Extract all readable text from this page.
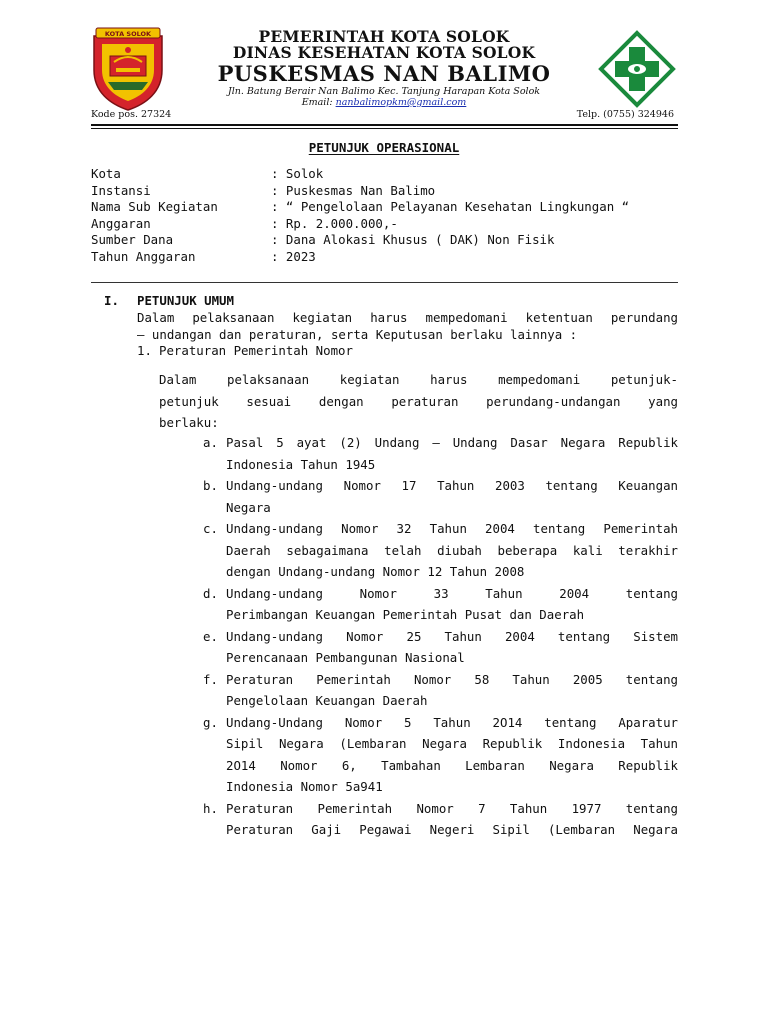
KOTA SOLOK	PEMERINTAH KOTA SOLOK
DINAS KESEHATAN KOTA SOLOK
PUSKESMAS NAN BALIMO
Jln. Batung Berair Nan Balimo Kec. Tanjung Harapan Kota Solok
Email: nanbalimopkm@gmail.com
Kode pos. 27324	Telp. (0755) 324946
PETUNJUK OPERASIONAL
Kota	: Solok
Instansi	: Puskesmas Nan Balimo
Nama Sub Kegiatan	: “ Pengelolaan Pelayanan Kesehatan Lingkungan “
Anggaran	: Rp. 2.000.000,-
Sumber Dana	: Dana Alokasi Khusus ( DAK) Non Fisik
Tahun Anggaran	: 2023
I. PETUNJUK UMUM
Dalam pelaksanaan kegiatan harus mempedomani ketentuan perundang
– undangan dan peraturan, serta Keputusan berlaku lainnya :
1. Peraturan Pemerintah Nomor
Dalam pelaksanaan kegiatan harus mempedomani petunjuk-
petunjuk sesuai dengan peraturan perundang-undangan yang
berlaku:
a. Pasal 5 ayat (2) Undang – Undang Dasar Negara Republik
Indonesia Tahun 1945
b. Undang-undang Nomor 17 Tahun 2003 tentang Keuangan
Negara
c. Undang-undang Nomor 32 Tahun 2004 tentang Pemerintah
Daerah sebagaimana telah diubah beberapa kali terakhir
dengan Undang-undang Nomor 12 Tahun 2008
d. Undang-undang Nomor 33 Tahun 2004 tentang
Perimbangan Keuangan Pemerintah Pusat dan Daerah
e. Undang-undang Nomor 25 Tahun 2004 tentang Sistem
Perencanaan Pembangunan Nasional
f. Peraturan Pemerintah Nomor 58 Tahun 2005 tentang
Pengelolaan Keuangan Daerah
g. Undang-Undang Nomor 5 Tahun 2O14 tentang Aparatur
Sipil Negara (Lembaran Negara Republik Indonesia Tahun
2O14 Nomor 6, Tambahan Lembaran Negara Republik
Indonesia Nomor 5a941
h. Peraturan Pemerintah Nomor 7 Tahun 1977 tentang
Peraturan Gaji Pegawai Negeri Sipil (Lembaran Negara
